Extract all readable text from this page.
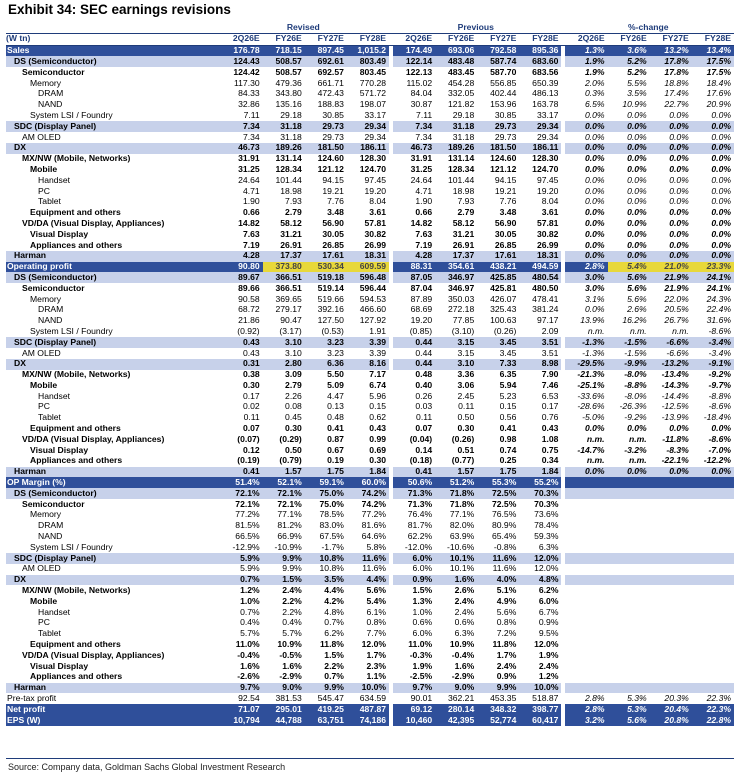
Exhibit 34: SEC earnings revisions
	Revised					Previous					%-change			
(W tn)	2Q26E	FY26E	FY27E	FY28E		2Q26E	FY26E	FY27E	FY28E		2Q26E	FY26E	FY27E	FY28E
Sales	176.78	718.15	897.45	1,015.2		174.49	693.06	792.58	895.36		1.3%	3.6%	13.2%	13.4%
DS (Semiconductor)	124.43	508.57	692.61	803.49		122.14	483.48	587.74	683.60		1.9%	5.2%	17.8%	17.5%
Semiconductor	124.42	508.57	692.57	803.45		122.13	483.45	587.70	683.56		1.9%	5.2%	17.8%	17.5%
Memory	117.30	479.36	661.71	770.28		115.02	454.28	556.85	650.39		2.0%	5.5%	18.8%	18.4%
DRAM	84.33	343.80	472.43	571.72		84.04	332.05	402.44	486.13		0.3%	3.5%	17.4%	17.6%
NAND	32.86	135.16	188.83	198.07		30.87	121.82	153.96	163.78		6.5%	10.9%	22.7%	20.9%
System LSI / Foundry	7.11	29.18	30.85	33.17		7.11	29.18	30.85	33.17		0.0%	0.0%	0.0%	0.0%
SDC (Display Panel)	7.34	31.18	29.73	29.34		7.34	31.18	29.73	29.34		0.0%	0.0%	0.0%	0.0%
AM OLED	7.34	31.18	29.73	29.34		7.34	31.18	29.73	29.34		0.0%	0.0%	0.0%	0.0%
DX	46.73	189.26	181.50	186.11		46.73	189.26	181.50	186.11		0.0%	0.0%	0.0%	0.0%
MX/NW (Mobile, Networks)	31.91	131.14	124.60	128.30		31.91	131.14	124.60	128.30		0.0%	0.0%	0.0%	0.0%
Mobile	31.25	128.34	121.12	124.70		31.25	128.34	121.12	124.70		0.0%	0.0%	0.0%	0.0%
Handset	24.64	101.44	94.15	97.45		24.64	101.44	94.15	97.45		0.0%	0.0%	0.0%	0.0%
PC	4.71	18.98	19.21	19.20		4.71	18.98	19.21	19.20		0.0%	0.0%	0.0%	0.0%
Tablet	1.90	7.93	7.76	8.04		1.90	7.93	7.76	8.04		0.0%	0.0%	0.0%	0.0%
Equipment and others	0.66	2.79	3.48	3.61		0.66	2.79	3.48	3.61		0.0%	0.0%	0.0%	0.0%
VD/DA (Visual Display, Appliances)	14.82	58.12	56.90	57.81		14.82	58.12	56.90	57.81		0.0%	0.0%	0.0%	0.0%
Visual Display	7.63	31.21	30.05	30.82		7.63	31.21	30.05	30.82		0.0%	0.0%	0.0%	0.0%
Appliances and others	7.19	26.91	26.85	26.99		7.19	26.91	26.85	26.99		0.0%	0.0%	0.0%	0.0%
Harman	4.28	17.37	17.61	18.31		4.28	17.37	17.61	18.31		0.0%	0.0%	0.0%	0.0%
Operating profit	90.80	373.80	530.34	609.59		88.31	354.61	438.21	494.59		2.8%	5.4%	21.0%	23.3%
DS (Semiconductor)	89.67	366.51	519.18	596.48		87.05	346.97	425.85	480.54		3.0%	5.6%	21.9%	24.1%
Semiconductor	89.66	366.51	519.14	596.44		87.04	346.97	425.81	480.50		3.0%	5.6%	21.9%	24.1%
Memory	90.58	369.65	519.66	594.53		87.89	350.03	426.07	478.41		3.1%	5.6%	22.0%	24.3%
DRAM	68.72	279.17	392.16	466.60		68.69	272.18	325.43	381.24		0.0%	2.6%	20.5%	22.4%
NAND	21.86	90.47	127.50	127.92		19.20	77.85	100.63	97.17		13.9%	16.2%	26.7%	31.6%
System LSI / Foundry	(0.92)	(3.17)	(0.53)	1.91		(0.85)	(3.10)	(0.26)	2.09		n.m.	n.m.	n.m.	-8.6%
SDC (Display Panel)	0.43	3.10	3.23	3.39		0.44	3.15	3.45	3.51		-1.3%	-1.5%	-6.6%	-3.4%
AM OLED	0.43	3.10	3.23	3.39		0.44	3.15	3.45	3.51		-1.3%	-1.5%	-6.6%	-3.4%
DX	0.31	2.80	6.36	8.16		0.44	3.10	7.33	8.98		-29.5%	-9.9%	-13.2%	-9.1%
MX/NW (Mobile, Networks)	0.38	3.09	5.50	7.17		0.48	3.36	6.35	7.90		-21.3%	-8.0%	-13.4%	-9.2%
Mobile	0.30	2.79	5.09	6.74		0.40	3.06	5.94	7.46		-25.1%	-8.8%	-14.3%	-9.7%
Handset	0.17	2.26	4.47	5.96		0.26	2.45	5.23	6.53		-33.6%	-8.0%	-14.4%	-8.8%
PC	0.02	0.08	0.13	0.15		0.03	0.11	0.15	0.17		-28.6%	-26.3%	-12.5%	-8.6%
Tablet	0.11	0.45	0.48	0.62		0.11	0.50	0.56	0.76		-5.0%	-9.2%	-13.9%	-18.4%
Equipment and others	0.07	0.30	0.41	0.43		0.07	0.30	0.41	0.43		0.0%	0.0%	0.0%	0.0%
VD/DA (Visual Display, Appliances)	(0.07)	(0.29)	0.87	0.99		(0.04)	(0.26)	0.98	1.08		n.m.	n.m.	-11.8%	-8.6%
Visual Display	0.12	0.50	0.67	0.69		0.14	0.51	0.74	0.75		-14.7%	-3.2%	-8.3%	-7.0%
Appliances and others	(0.19)	(0.79)	0.19	0.30		(0.18)	(0.77)	0.25	0.34		n.m.	n.m.	-22.1%	-12.2%
Harman	0.41	1.57	1.75	1.84		0.41	1.57	1.75	1.84		0.0%	0.0%	0.0%	0.0%
OP Margin (%)	51.4%	52.1%	59.1%	60.0%		50.6%	51.2%	55.3%	55.2%					
DS (Semiconductor)	72.1%	72.1%	75.0%	74.2%		71.3%	71.8%	72.5%	70.3%					
Semiconductor	72.1%	72.1%	75.0%	74.2%		71.3%	71.8%	72.5%	70.3%					
Memory	77.2%	77.1%	78.5%	77.2%		76.4%	77.1%	76.5%	73.6%					
DRAM	81.5%	81.2%	83.0%	81.6%		81.7%	82.0%	80.9%	78.4%					
NAND	66.5%	66.9%	67.5%	64.6%		62.2%	63.9%	65.4%	59.3%					
System LSI / Foundry	-12.9%	-10.9%	-1.7%	5.8%		-12.0%	-10.6%	-0.8%	6.3%					
SDC (Display Panel)	5.9%	9.9%	10.8%	11.6%		6.0%	10.1%	11.6%	12.0%					
AM OLED	5.9%	9.9%	10.8%	11.6%		6.0%	10.1%	11.6%	12.0%					
DX	0.7%	1.5%	3.5%	4.4%		0.9%	1.6%	4.0%	4.8%					
MX/NW (Mobile, Networks)	1.2%	2.4%	4.4%	5.6%		1.5%	2.6%	5.1%	6.2%					
Mobile	1.0%	2.2%	4.2%	5.4%		1.3%	2.4%	4.9%	6.0%					
Handset	0.7%	2.2%	4.8%	6.1%		1.0%	2.4%	5.6%	6.7%					
PC	0.4%	0.4%	0.7%	0.8%		0.6%	0.6%	0.8%	0.9%					
Tablet	5.7%	5.7%	6.2%	7.7%		6.0%	6.3%	7.2%	9.5%					
Equipment and others	11.0%	10.9%	11.8%	12.0%		11.0%	10.9%	11.8%	12.0%					
VD/DA (Visual Display, Appliances)	-0.4%	-0.5%	1.5%	1.7%		-0.3%	-0.4%	1.7%	1.9%					
Visual Display	1.6%	1.6%	2.2%	2.3%		1.9%	1.6%	2.4%	2.4%					
Appliances and others	-2.6%	-2.9%	0.7%	1.1%		-2.5%	-2.9%	0.9%	1.2%					
Harman	9.7%	9.0%	9.9%	10.0%		9.7%	9.0%	9.9%	10.0%					
Pre-tax profit	92.54	381.53	545.47	634.59		90.01	362.21	453.35	518.87		2.8%	5.3%	20.3%	22.3%
Net profit	71.07	295.01	419.25	487.87		69.12	280.14	348.32	398.77		2.8%	5.3%	20.4%	22.3%
EPS (W)	10,794	44,788	63,751	74,186		10,460	42,395	52,774	60,417		3.2%	5.6%	20.8%	22.8%
Source: Company data, Goldman Sachs Global Investment Research
